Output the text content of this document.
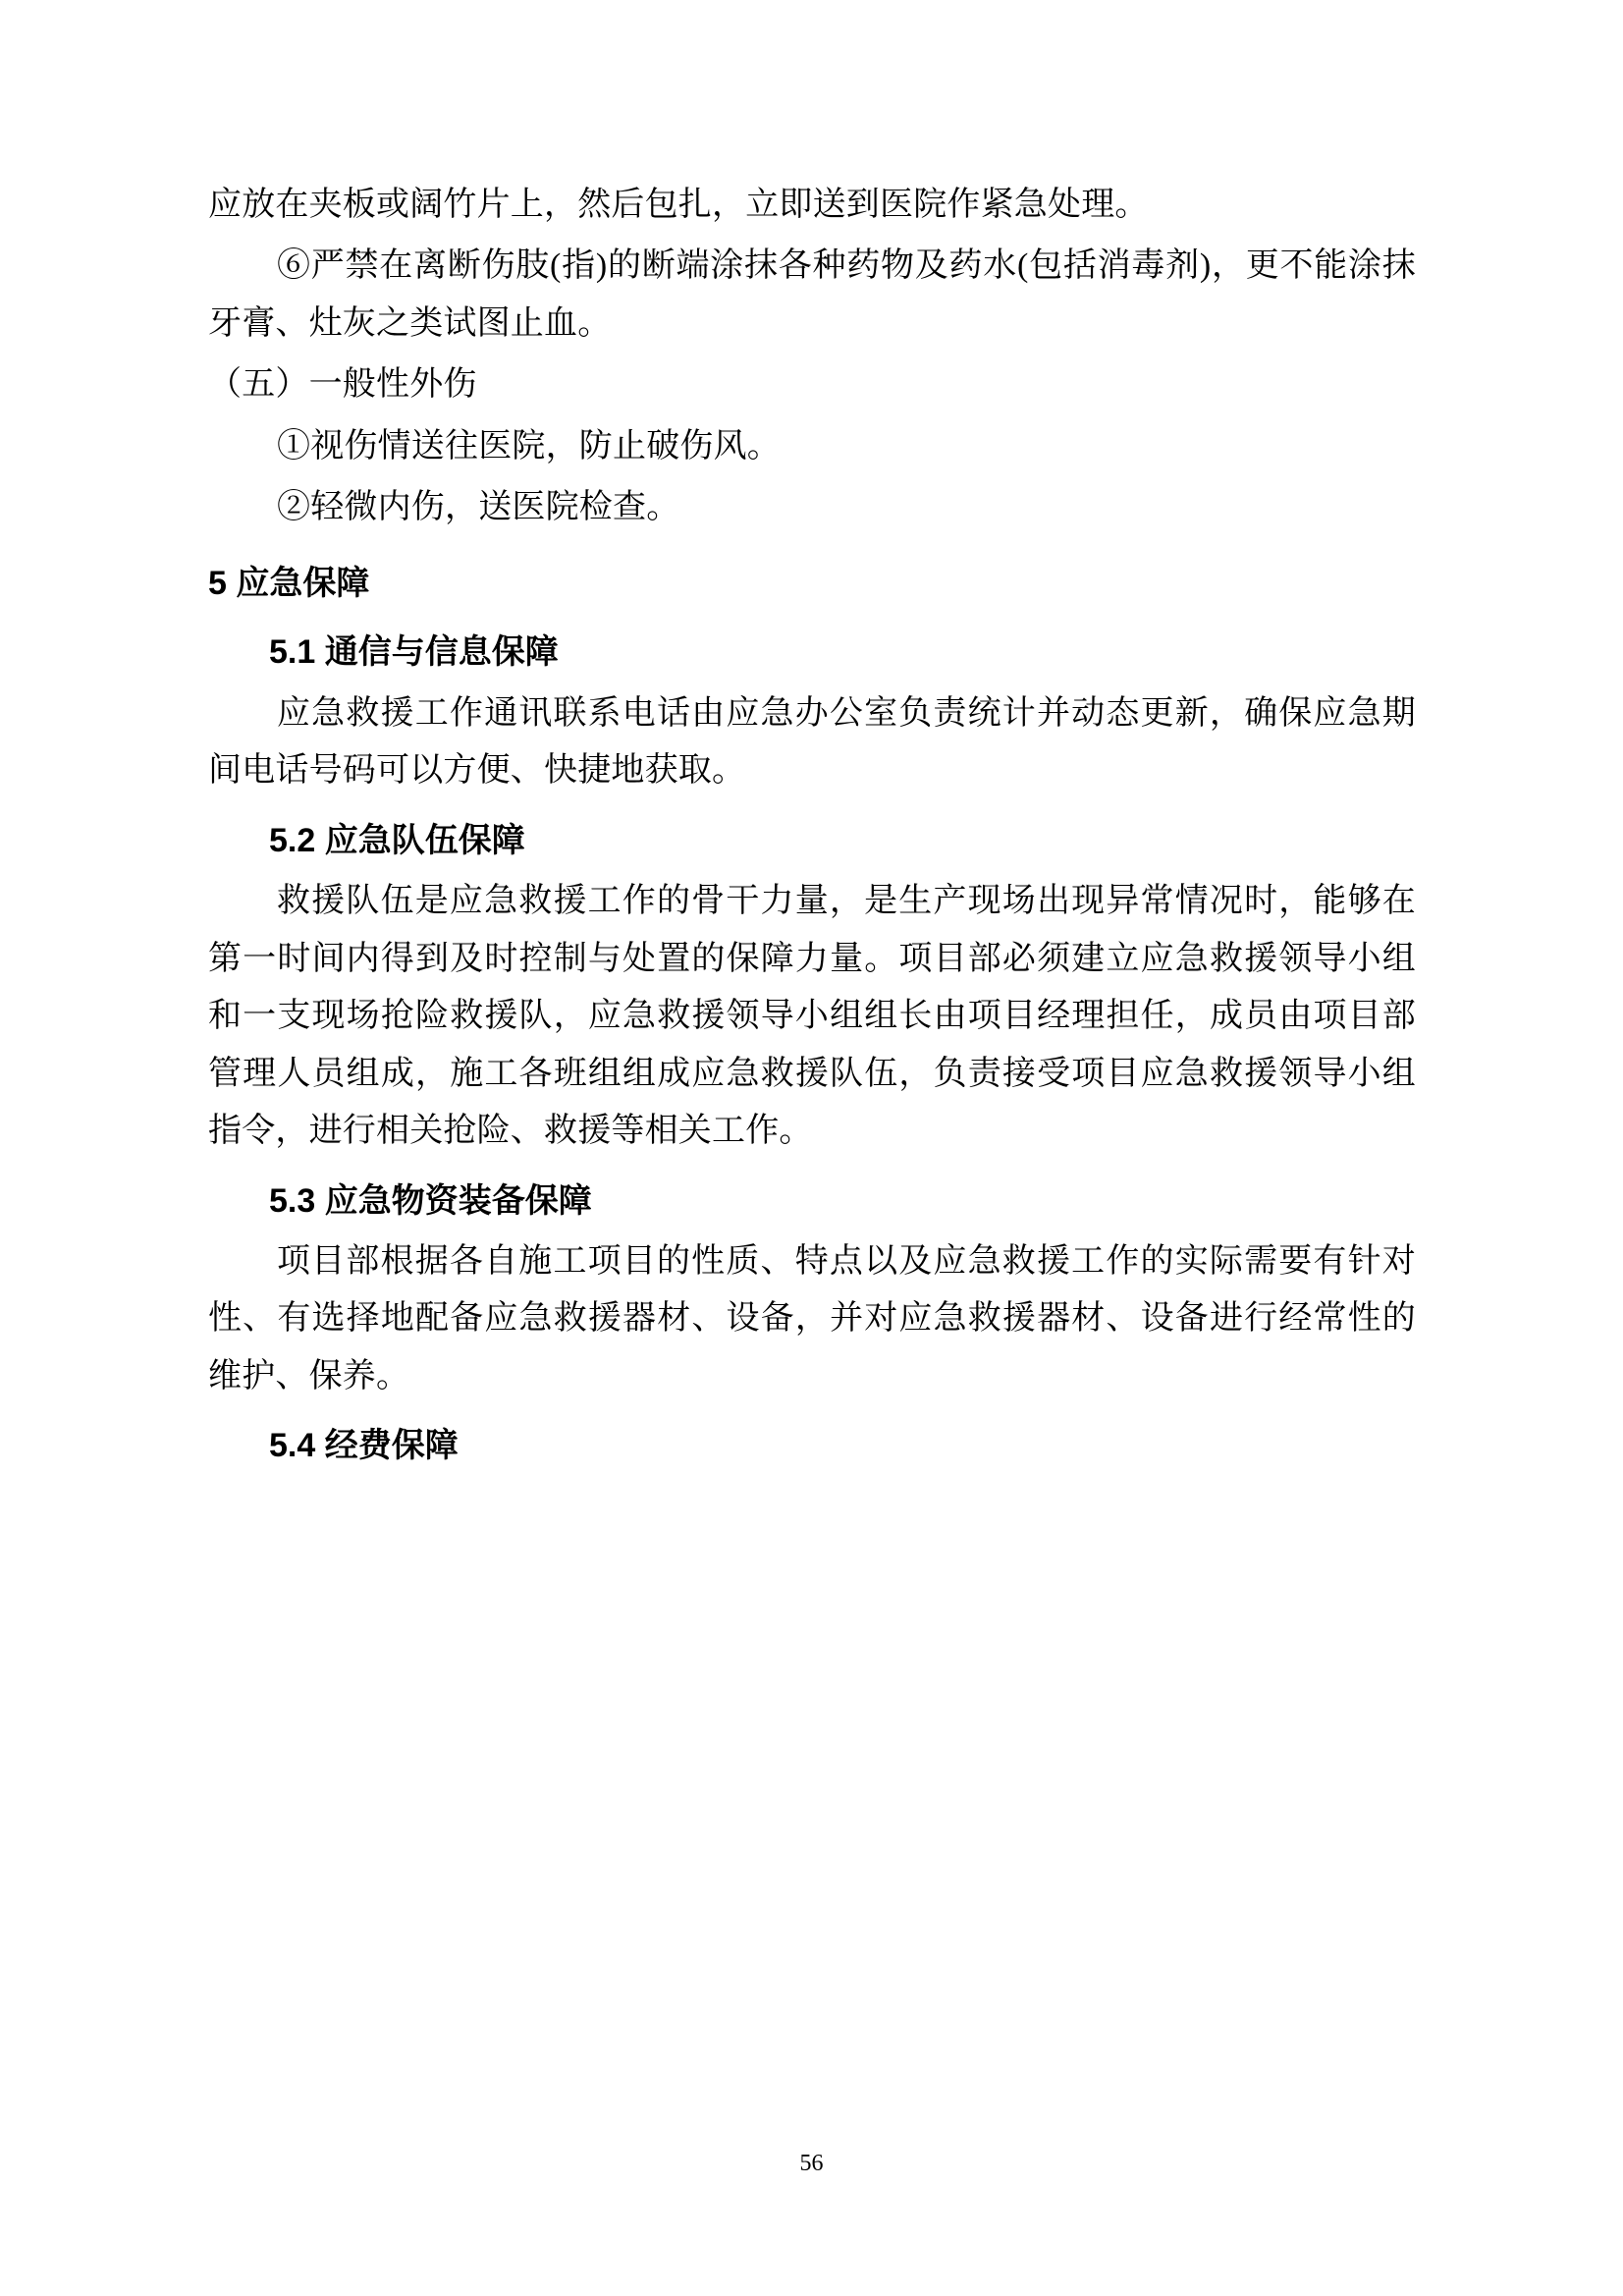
应放在夹板或阔竹片上，然后包扎，立即送到医院作紧急处理。

⑥严禁在离断伤肢(指)的断端涂抹各种药物及药水(包括消毒剂)，更不能涂抹牙膏、灶灰之类试图止血。

（五）一般性外伤

①视伤情送往医院，防止破伤风。

②轻微内伤，送医院检查。

5 应急保障
5.1 通信与信息保障

应急救援工作通讯联系电话由应急办公室负责统计并动态更新，确保应急期间电话号码可以方便、快捷地获取。

5.2 应急队伍保障

救援队伍是应急救援工作的骨干力量，是生产现场出现异常情况时，能够在第一时间内得到及时控制与处置的保障力量。项目部必须建立应急救援领导小组和一支现场抢险救援队，应急救援领导小组组长由项目经理担任，成员由项目部管理人员组成，施工各班组组成应急救援队伍，负责接受项目应急救援领导小组指令，进行相关抢险、救援等相关工作。

5.3 应急物资装备保障

项目部根据各自施工项目的性质、特点以及应急救援工作的实际需要有针对性、有选择地配备应急救援器材、设备，并对应急救援器材、设备进行经常性的维护、保养。

5.4 经费保障
56
